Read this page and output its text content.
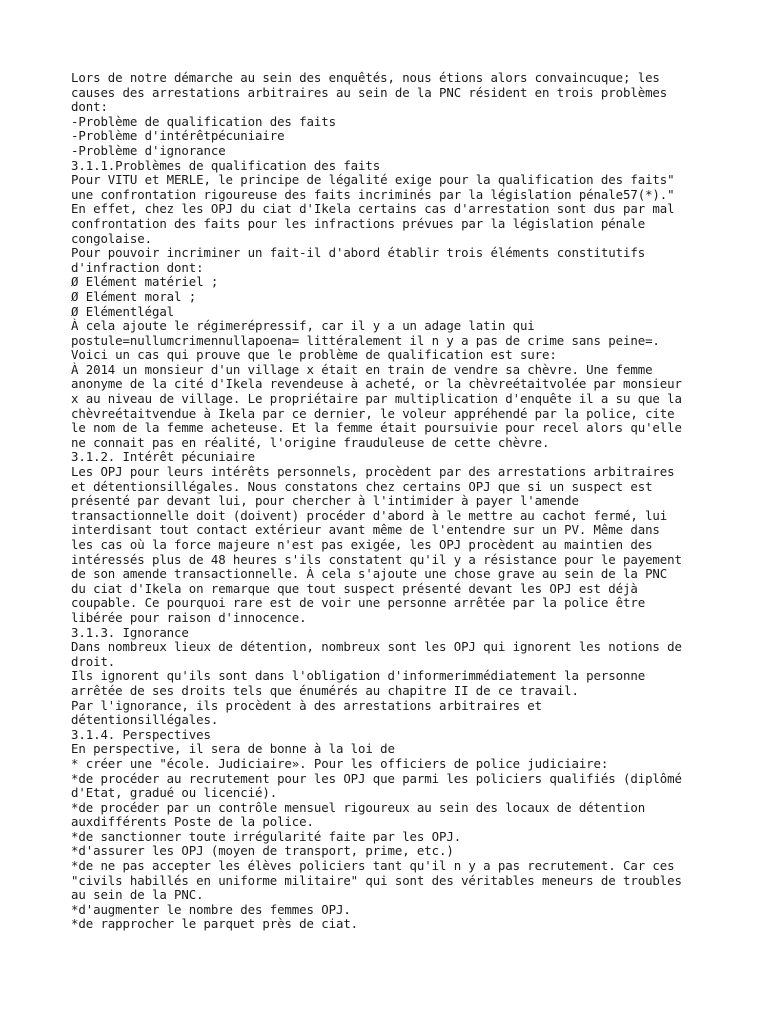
Lors de notre démarche au sein des enquêtés, nous étions alors convaincuque; les
causes des arrestations arbitraires au sein de la PNC résident en trois problèmes
dont:
-Problème de qualification des faits
-Problème d'intérêtpécuniaire
-Problème d'ignorance
3.1.1.Problèmes de qualification des faits
Pour VITU et MERLE, le principe de légalité exige pour la qualification des faits"
une confrontation rigoureuse des faits incriminés par la législation pénale57(*)."
En effet, chez les OPJ du ciat d'Ikela certains cas d'arrestation sont dus par mal
confrontation des faits pour les infractions prévues par la législation pénale
congolaise.
Pour pouvoir incriminer un fait-il d'abord établir trois éléments constitutifs
d'infraction dont:
Ø Elément matériel ;
Ø Elément moral ;
Ø Elémentlégal
À cela ajoute le régimerépressif, car il y a un adage latin qui
postule=nullumcrimennullapoena= littéralement il n y a pas de crime sans peine=.
Voici un cas qui prouve que le problème de qualification est sure:
À 2014 un monsieur d'un village x était en train de vendre sa chèvre. Une femme
anonyme de la cité d'Ikela revendeuse à acheté, or la chèvreétaitvolée par monsieur
x au niveau de village. Le propriétaire par multiplication d'enquête il a su que la
chèvreétaitvendue à Ikela par ce dernier, le voleur appréhendé par la police, cite
le nom de la femme acheteuse. Et la femme était poursuivie pour recel alors qu'elle
ne connait pas en réalité, l'origine frauduleuse de cette chèvre.
3.1.2. Intérêt pécuniaire
Les OPJ pour leurs intérêts personnels, procèdent par des arrestations arbitraires
et détentionsillégales. Nous constatons chez certains OPJ que si un suspect est
présenté par devant lui, pour chercher à l'intimider à payer l'amende
transactionnelle doit (doivent) procéder d'abord à le mettre au cachot fermé, lui
interdisant tout contact extérieur avant même de l'entendre sur un PV. Même dans
les cas où la force majeure n'est pas exigée, les OPJ procèdent au maintien des
intéressés plus de 48 heures s'ils constatent qu'il y a résistance pour le payement
de son amende transactionnelle. À cela s'ajoute une chose grave au sein de la PNC
du ciat d'Ikela on remarque que tout suspect présenté devant les OPJ est déjà
coupable. Ce pourquoi rare est de voir une personne arrêtée par la police être
libérée pour raison d'innocence.
3.1.3. Ignorance
Dans nombreux lieux de détention, nombreux sont les OPJ qui ignorent les notions de
droit.
Ils ignorent qu'ils sont dans l'obligation d'informerimmédiatement la personne
arrêtée de ses droits tels que énumérés au chapitre II de ce travail.
Par l'ignorance, ils procèdent à des arrestations arbitraires et
détentionsillégales.
3.1.4. Perspectives
En perspective, il sera de bonne à la loi de
* créer une "école. Judiciaire». Pour les officiers de police judiciaire:
*de procéder au recrutement pour les OPJ que parmi les policiers qualifiés (diplômé
d'Etat, gradué ou licencié).
*de procéder par un contrôle mensuel rigoureux au sein des locaux de détention
auxdifférents Poste de la police.
*de sanctionner toute irrégularité faite par les OPJ.
*d'assurer les OPJ (moyen de transport, prime, etc.)
*de ne pas accepter les élèves policiers tant qu'il n y a pas recrutement. Car ces
"civils habillés en uniforme militaire" qui sont des véritables meneurs de troubles
au sein de la PNC.
*d'augmenter le nombre des femmes OPJ.
*de rapprocher le parquet près de ciat.
